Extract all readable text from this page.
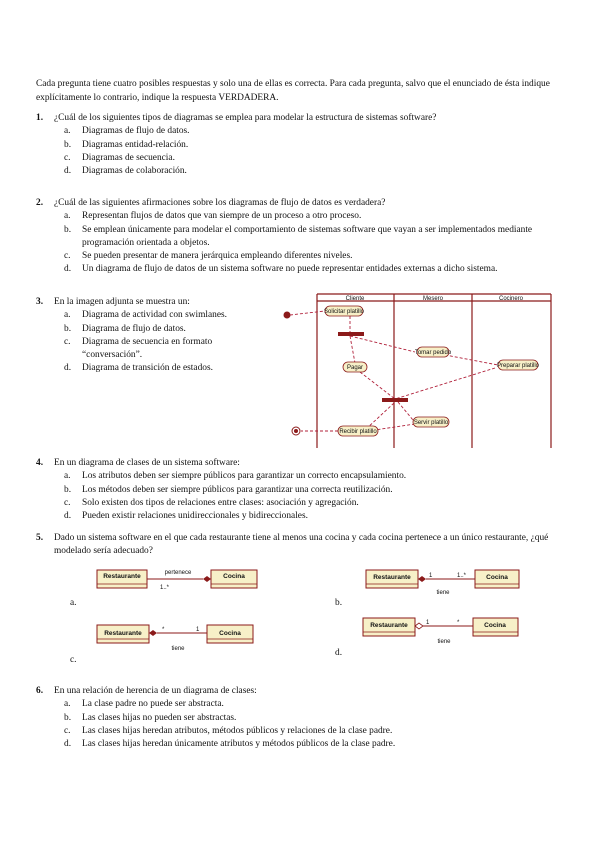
Cada pregunta tiene cuatro posibles respuestas y solo una de ellas es correcta. Para cada pregunta, salvo que el enunciado de ésta indique explícitamente lo contrario, indique la respuesta VERDADERA.
1. ¿Cuál de los siguientes tipos de diagramas se emplea para modelar la estructura de sistemas software?
a. Diagramas de flujo de datos.
b. Diagramas entidad-relación.
c. Diagramas de secuencia.
d. Diagramas de colaboración.
2. ¿Cuál de las siguientes afirmaciones sobre los diagramas de flujo de datos es verdadera?
a. Representan flujos de datos que van siempre de un proceso a otro proceso.
b. Se emplean únicamente para modelar el comportamiento de sistemas software que vayan a ser implementados mediante programación orientada a objetos.
c. Se pueden presentar de manera jerárquica empleando diferentes niveles.
d. Un diagrama de flujo de datos de un sistema software no puede representar entidades externas a dicho sistema.
3. En la imagen adjunta se muestra un:
a. Diagrama de actividad con swimlanes.
b. Diagrama de flujo de datos.
c. Diagrama de secuencia en formato “conversación”.
d. Diagrama de transición de estados.
Cliente	Mesero	Cocinero
Solicitar platillo
Tomar pedido
Preparar platillo
Pagar
Servir platillo
Recibir platillo
4. En un diagrama de clases de un sistema software:
a. Los atributos deben ser siempre públicos para garantizar un correcto encapsulamiento.
b. Los métodos deben ser siempre públicos para garantizar una correcta reutilización.
c. Solo existen dos tipos de relaciones entre clases: asociación y agregación.
d. Pueden existir relaciones unidireccionales y bidireccionales.
5. Dado un sistema software en el que cada restaurante tiene al menos una cocina y cada cocina pertenece a un único restaurante, ¿qué modelado sería adecuado?
a.	b.
c.
d.
Restaurante	Cocina
pertenece
1..*
Restaurante	Cocina
1	1..*
tiene
Restaurante	Cocina
*	1
tiene
Restaurante	Cocina
1	*
tiene
6. En una relación de herencia de un diagrama de clases:
a. La clase padre no puede ser abstracta.
b. Las clases hijas no pueden ser abstractas.
c. Las clases hijas heredan atributos, métodos públicos y relaciones de la clase padre.
d. Las clases hijas heredan únicamente atributos y métodos públicos de la clase padre.
